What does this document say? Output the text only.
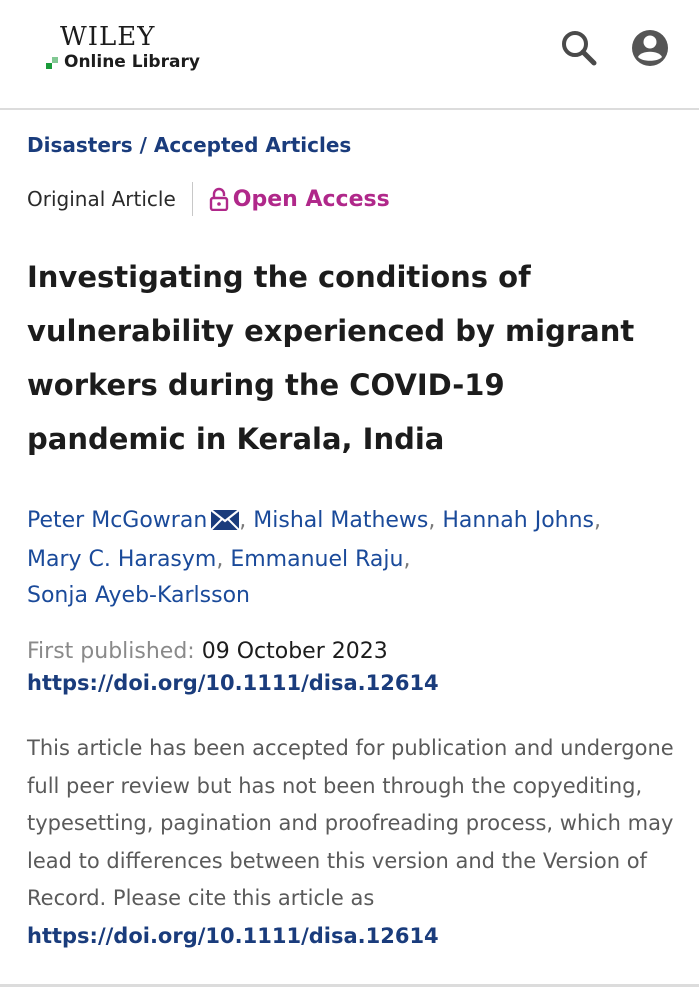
WILEY
Online Library
Disasters / Accepted Articles
Original Article	Open Access
Investigating the conditions of vulnerability experienced by migrant workers during the COVID-19 pandemic in Kerala, India
Peter McGowran , Mishal Mathews, Hannah Johns,
Mary C. Harasym, Emmanuel Raju,
Sonja Ayeb-Karlsson
First published: 09 October 2023
https://doi.org/10.1111/disa.12614
This article has been accepted for publication and undergone full peer review but has not been through the copyediting, typesetting, pagination and proofreading process, which may lead to differences between this version and the Version of Record. Please cite this article as https://doi.org/10.1111/disa.12614
